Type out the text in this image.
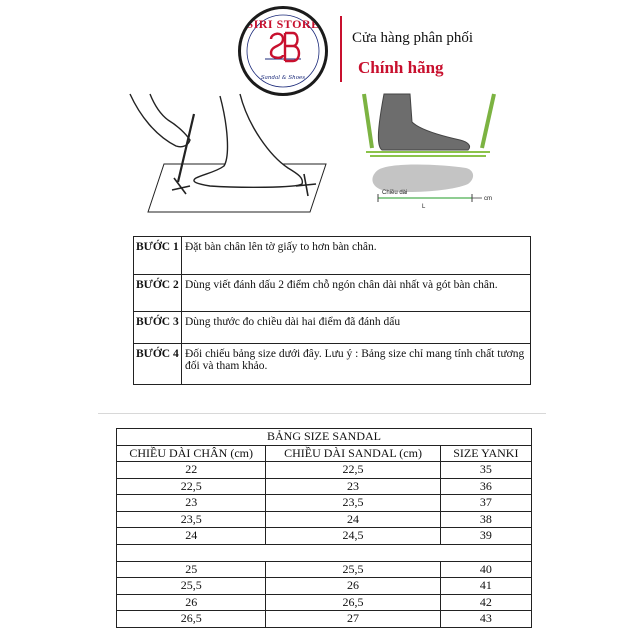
SIRI STORE
Sandal & Shoes
Cửa hàng phân phối
Chính hãng
Chiều dài
L
cm
BƯỚC 1	Đặt bàn chân lên tờ giấy to hơn bàn chân.
BƯỚC 2	Dùng viết đánh dấu 2 điểm chỗ ngón chân dài nhất và gót bàn chân.
BƯỚC 3	Dùng thước đo chiều dài hai điểm đã đánh dấu
BƯỚC 4	Đối chiếu bảng size dưới đây. Lưu ý : Bảng size chỉ mang tính chất tương đối và tham khảo.
BẢNG SIZE SANDAL		
CHIỀU DÀI CHÂN (cm)	CHIỀU DÀI SANDAL (cm)	SIZE YANKI
22	22,5	35
22,5	23	36
23	23,5	37
23,5	24	38
24	24,5	39

25	25,5	40
25,5	26	41
26	26,5	42
26,5	27	43
